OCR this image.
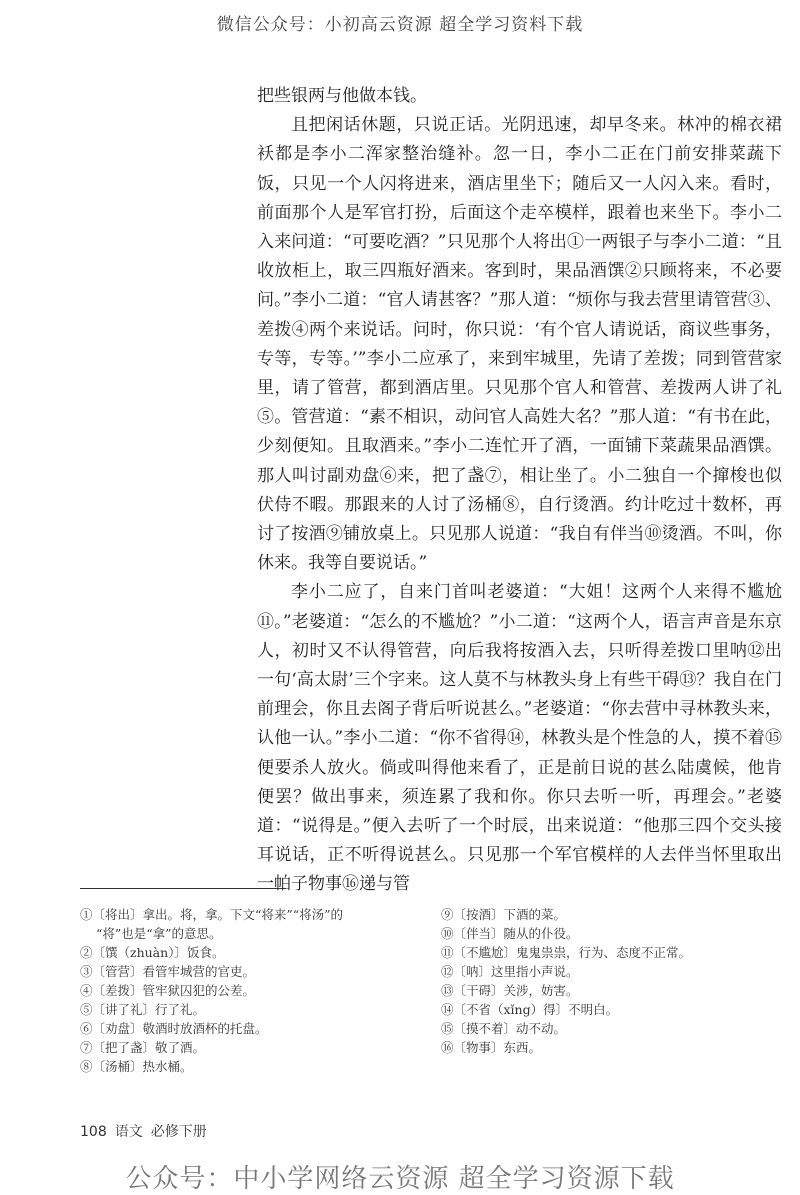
微信公众号：小初高云资源 超全学习资料下载

把些银两与他做本钱。

且把闲话休题，只说正话。光阴迅速，却早冬来。林冲的棉衣裙袄都是李小二浑家整治缝补。忽一日，李小二正在门前安排菜蔬下饭，只见一个人闪将进来，酒店里坐下；随后又一人闪入来。看时，前面那个人是军官打扮，后面这个走卒模样，跟着也来坐下。李小二入来问道：“可要吃酒？”只见那个人将出①一两银子与李小二道：“且收放柜上，取三四瓶好酒来。客到时，果品酒馔②只顾将来，不必要问。”李小二道：“官人请甚客？”那人道：“烦你与我去营里请管营③、差拨④两个来说话。问时，你只说：‘有个官人请说话，商议些事务，专等，专等。’”李小二应承了，来到牢城里，先请了差拨；同到管营家里，请了管营，都到酒店里。只见那个官人和管营、差拨两人讲了礼⑤。管营道：“素不相识，动问官人高姓大名？”那人道：“有书在此，少刻便知。且取酒来。”李小二连忙开了酒，一面铺下菜蔬果品酒馔。那人叫讨副劝盘⑥来，把了盏⑦，相让坐了。小二独自一个撺梭也似伏侍不暇。那跟来的人讨了汤桶⑧，自行烫酒。约计吃过十数杯，再讨了按酒⑨铺放桌上。只见那人说道：“我自有伴当⑩烫酒。不叫，你休来。我等自要说话。”

李小二应了，自来门首叫老婆道：“大姐！这两个人来得不尴尬⑪。”老婆道：“怎么的不尴尬？”小二道：“这两个人，语言声音是东京人，初时又不认得管营，向后我将按酒入去，只听得差拨口里呐⑫出一句‘高太尉’三个字来。这人莫不与林教头身上有些干碍⑬？我自在门前理会，你且去阁子背后听说甚么。”老婆道：“你去营中寻林教头来，认他一认。”李小二道：“你不省得⑭，林教头是个性急的人，摸不着⑮便要杀人放火。倘或叫得他来看了，正是前日说的甚么陆虞候，他肯便罢？做出事来，须连累了我和你。你只去听一听，再理会。”老婆道：“说得是。”便入去听了一个时辰，出来说道：“他那三四个交头接耳说话，正不听得说甚么。只见那一个军官模样的人去伴当怀里取出一帕子物事⑯递与管

①〔将出〕拿出。将，拿。下文“将来”“将汤”的
“将”也是“拿”的意思。
②〔馔（zhuàn）〕饭食。
③〔管营〕看管牢城营的官吏。
④〔差拨〕管牢狱囚犯的公差。
⑤〔讲了礼〕行了礼。
⑥〔劝盘〕敬酒时放酒杯的托盘。
⑦〔把了盏〕敬了酒。
⑧〔汤桶〕热水桶。
⑨〔按酒〕下酒的菜。
⑩〔伴当〕随从的仆役。
⑪〔不尴尬〕鬼鬼祟祟，行为、态度不正常。
⑫〔呐〕这里指小声说。
⑬〔干碍〕关涉，妨害。
⑭〔不省（xǐng）得〕不明白。
⑮〔摸不着〕动不动。
⑯〔物事〕东西。
108 语文 必修下册
公众号：中小学网络云资源 超全学习资源下载
